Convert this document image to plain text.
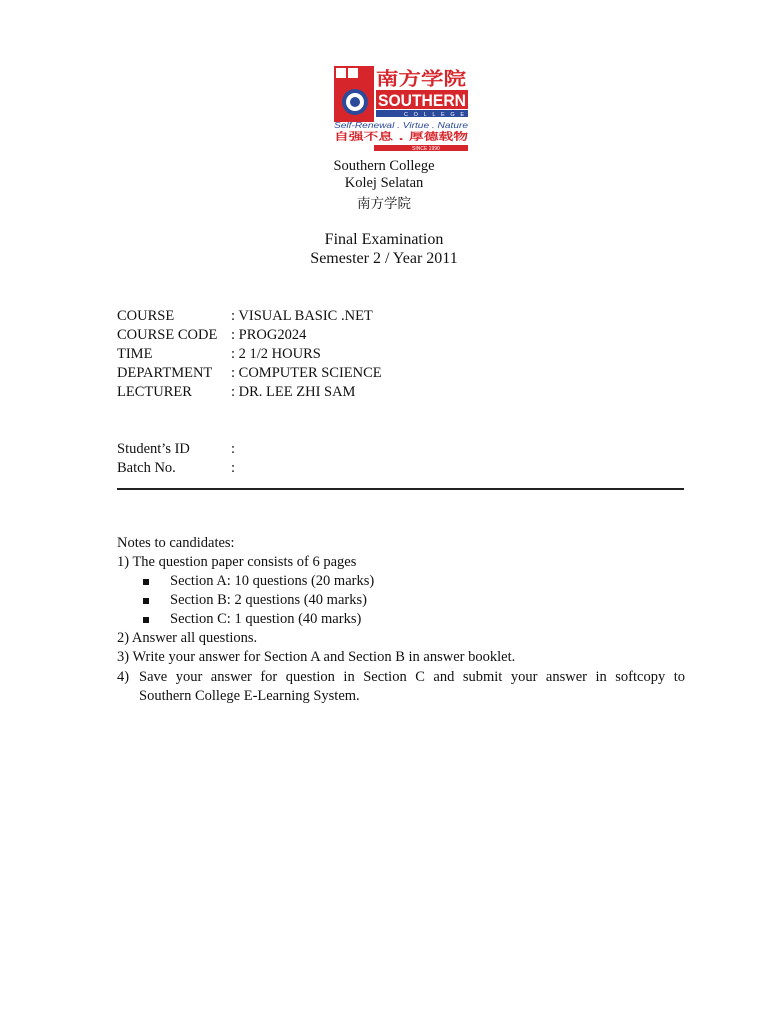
南方学院
SOUTHERN
COLLEGE
Self-Renewal . Virtue . Nature
自强不息 . 厚德载物
SINCE 1990
Southern College
Kolej Selatan
南方学院
Final Examination
Semester 2 / Year 2011
COURSE	: VISUAL BASIC .NET
COURSE CODE : PROG2024
TIME	: 2 1/2 HOURS
DEPARTMENT : COMPUTER SCIENCE
LECTURER	: DR. LEE ZHI SAM
Student’s ID	:
Batch No.	:
Notes to candidates:
1) The question paper consists of 6 pages
Section A: 10 questions (20 marks)
Section B: 2 questions (40 marks)
Section C: 1 question (40 marks)
2) Answer all questions.
3) Write your answer for Section A and Section B in answer booklet.
4) Save your answer for question in Section C and submit your answer in softcopy to
Southern College E-Learning System.
